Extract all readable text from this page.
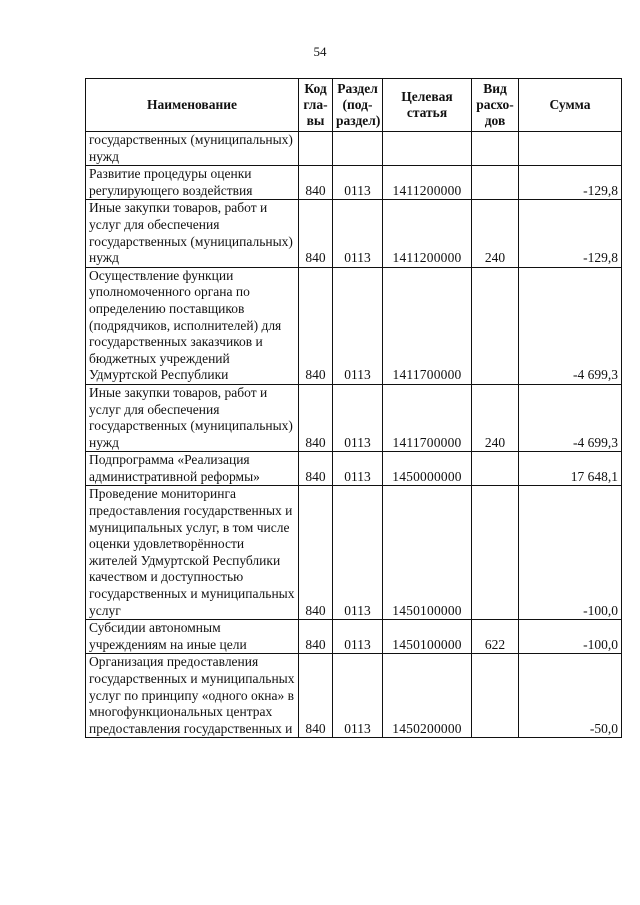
54
Наименование	Код гла- вы	Раздел (под- раздел)	Целевая статья	Вид расхо- дов	Сумма
государственных (муниципальных) нужд					
Развитие процедуры оценки регулирующего воздействия	840	0113	1411200000		-129,8
Иные закупки товаров, работ и услуг для обеспечения государственных (муниципальных) нужд	840	0113	1411200000	240	-129,8
Осуществление функции уполномоченного органа по определению поставщиков (подрядчиков, исполнителей) для государственных заказчиков и бюджетных учреждений Удмуртской Республики	840	0113	1411700000		-4 699,3
Иные закупки товаров, работ и услуг для обеспечения государственных (муниципальных) нужд	840	0113	1411700000	240	-4 699,3
Подпрограмма «Реализация административной реформы»	840	0113	1450000000		17 648,1
Проведение мониторинга предоставления государственных и муниципальных услуг, в том числе оценки удовлетворённости жителей Удмуртской Республики качеством и доступностью государственных и муниципальных услуг	840	0113	1450100000		-100,0
Субсидии автономным учреждениям на иные цели	840	0113	1450100000	622	-100,0
Организация предоставления государственных и муниципальных услуг по принципу «одного окна» в многофункциональных центрах предоставления государственных и	840	0113	1450200000		-50,0
